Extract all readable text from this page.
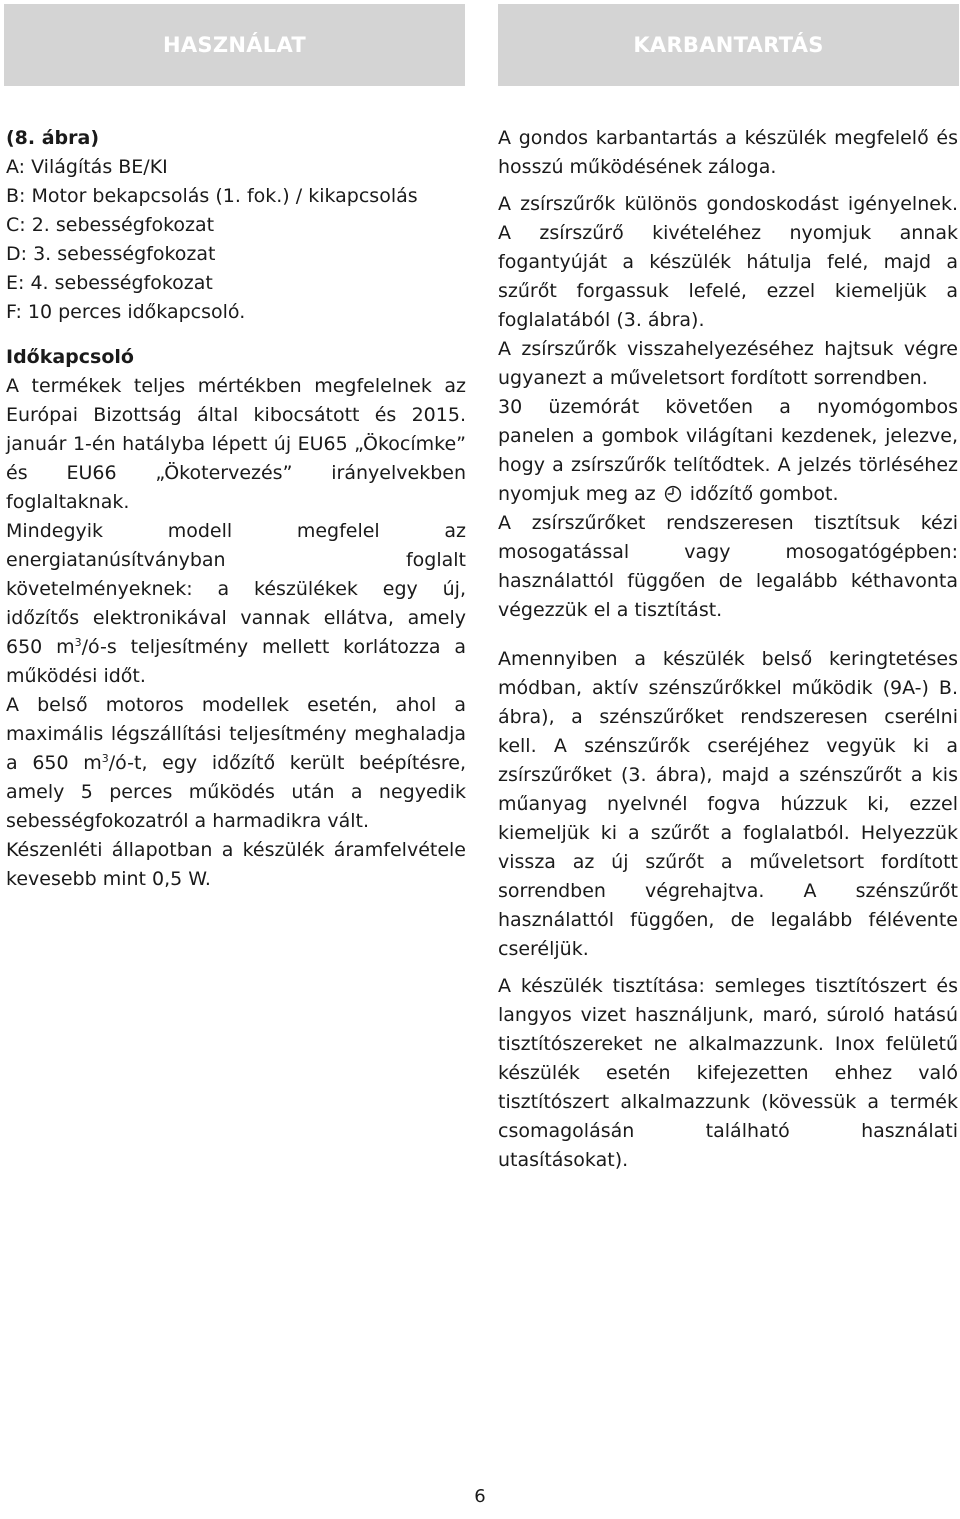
HASZNÁLAT	KARBANTARTÁS

(8. ábra)
A: Világítás BE/KI
B: Motor bekapcsolás (1. fok.) / kikapcsolás
C: 2. sebességfokozat
D: 3. sebességfokozat
E: 4. sebességfokozat
F: 10 perces időkapcsoló.

Időkapcsoló

A termékek teljes mértékben megfelelnek az Európai Bizottság által kibocsátott és 2015. január 1-én hatályba lépett új EU65 „Ökocímke” és EU66 „Ökotervezés” irányelvekben foglaltaknak.

Mindegyik modell megfelel az energiatanúsítványban foglalt követelményeknek: a készülékek egy új, időzítős elektronikával vannak ellátva, amely 650 $m^3/ó-s$ teljesítmény mellett korlátozza a működési időt.

A belső motoros modellek esetén, ahol a maximális légszállítási teljesítmény meghaladja a 650 $m^3/ó-t$, egy időzítő került beépítésre, amely 5 perces működés után a negyedik sebességfokozatról a harmadikra vált.

Készenléti állapotban a készülék áramfelvétele kevesebb mint 0,5 W.

A gondos karbantartás a készülék megfelelő és hosszú működésének záloga.

A zsírszűrők különös gondoskodást igényelnek. A zsírszűrő kivételéhez nyomjuk annak fogantyúját a készülék hátulja felé, majd a szűrőt forgassuk lefelé, ezzel kiemeljük a foglalatából (3. ábra).

A zsírszűrők visszahelyezéséhez hajtsuk végre ugyanezt a műveletsort fordított sorrendben.

30 üzemórát követően a nyomógombos panelen a gombok világítani kezdenek, jelezve, hogy a zsírszűrők telítődtek. A jelzés törléséhez nyomjuk meg az időzítő gombot.

A zsírszűrőket rendszeresen tisztítsuk kézi mosogatással vagy mosogatógépben: használattól függően de legalább kéthavonta végezzük el a tisztítást.

Amennyiben a készülék belső keringtetéses módban, aktív szénszűrőkkel működik (9A-) B. ábra), a szénszűrőket rendszeresen cserélni kell. A szénszűrők cseréjéhez vegyük ki a zsírszűrőket (3. ábra), majd a szénszűrőt a kis műanyag nyelvnél fogva húzzuk ki, ezzel kiemeljük ki a szűrőt a foglalatból. Helyezzük vissza az új szűrőt a műveletsort fordított sorrendben végrehajtva. A szénszűrőt használattól függően, de legalább félévente cseréljük.

A készülék tisztítása: semleges tisztítószert és langyos vizet használjunk, maró, súroló hatású tisztítószereket ne alkalmazzunk. Inox felületű készülék esetén kifejezetten ehhez való tisztítószert alkalmazzunk (kövessük a termék csomagolásán található használati utasításokat).

6
